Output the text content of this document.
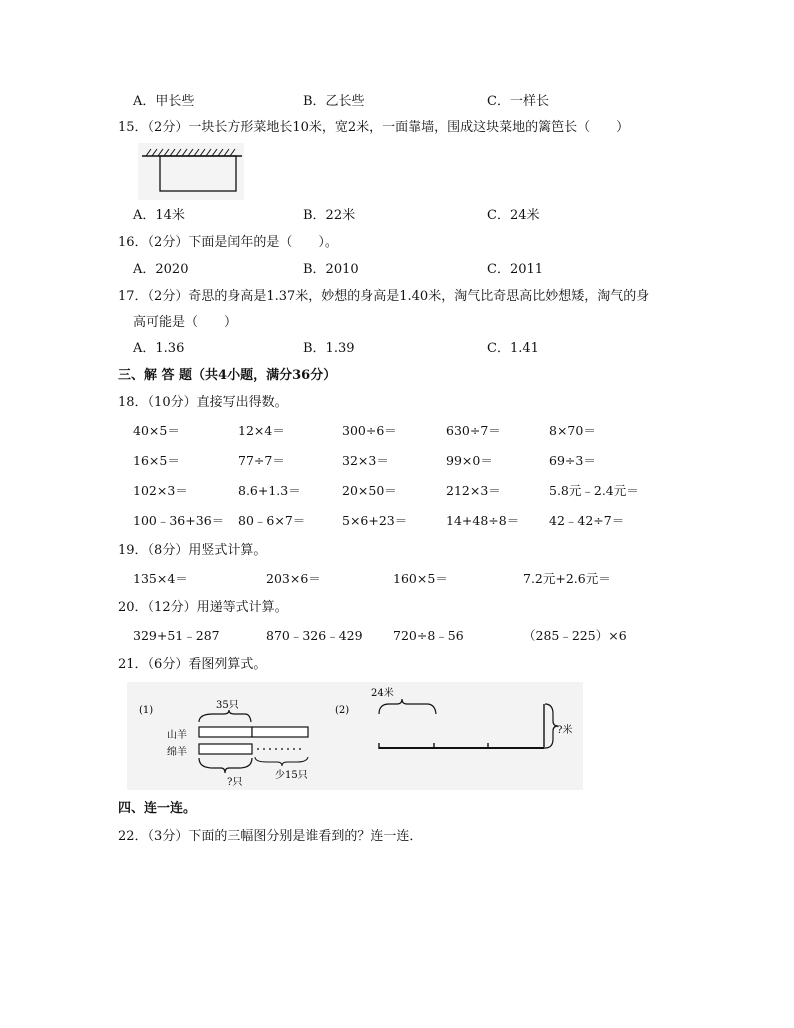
A．甲长些	B．乙长些	C．一样长
15．（2分）一块长方形菜地长10米，宽2米，一面靠墙，围成这块菜地的篱笆长（　　）
A．14米	B．22米	C．24米
16．（2分）下面是闰年的是（　　）。
A．2020	B．2010	C．2011
17．（2分）奇思的身高是1.37米，妙想的身高是1.40米，淘气比奇思高比妙想矮，淘气的身
高可能是（　　）
A．1.36	B．1.39	C．1.41
三、解 答 题（共4小题，满分36分）
18．（10分）直接写出得数。
40×5＝	12×4＝	300÷6＝	630÷7＝	8×70＝
16×5＝	77÷7＝	32×3＝	99×0＝	69÷3＝
102×3＝	8.6+1.3＝	20×50＝	212×3＝	5.8元﹣2.4元＝
100﹣36+36＝ 80﹣6×7＝	5×6+23＝	14+48÷8＝ 42﹣42÷7＝
19．（8分）用竖式计算。
135×4＝	203×6＝	160×5＝	7.2元+2.6元＝
20．（12分）用递等式计算。
329+51﹣287	870﹣326﹣429 720÷8﹣56	（285﹣225）×6
21．（6分）看图列算式。
(1)	35只
山羊
绵羊
少15只
?只
(2)
24米
?米
四、连一连。
22．（3分）下面的三幅图分别是谁看到的？连一连．
